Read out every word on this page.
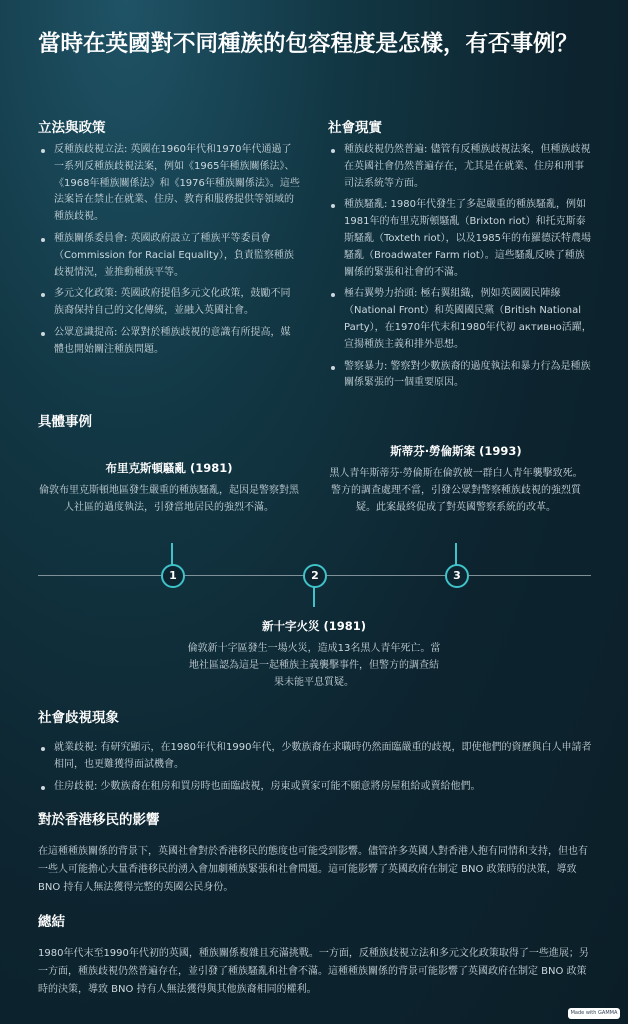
當時在英國對不同種族的包容程度是怎樣，有否事例？
立法與政策
反種族歧視立法: 英國在1960年代和1970年代通過了一系列反種族歧視法案，例如《1965年種族關係法》、《1968年種族關係法》和《1976年種族關係法》。這些法案旨在禁止在就業、住房、教育和服務提供等領域的種族歧視。
種族關係委員會: 英國政府設立了種族平等委員會（Commission for Racial Equality），負責監察種族歧視情況，並推動種族平等。
多元文化政策: 英國政府提倡多元文化政策，鼓勵不同族裔保持自己的文化傳統，並融入英國社會。
公眾意識提高: 公眾對於種族歧視的意識有所提高，媒體也開始關注種族問題。
社會現實
種族歧視仍然普遍: 儘管有反種族歧視法案，但種族歧視在英國社會仍然普遍存在，尤其是在就業、住房和刑事司法系統等方面。
種族騷亂: 1980年代發生了多起嚴重的種族騷亂，例如1981年的布里克斯頓騷亂（Brixton riot）和托克斯泰斯騷亂（Toxteth riot），以及1985年的布羅德沃特農場騷亂（Broadwater Farm riot）。這些騷亂反映了種族關係的緊張和社會的不滿。
極右翼勢力抬頭: 極右翼組織，例如英國國民陣線（National Front）和英國國民黨（British National Party），在1970年代末和1980年代初 активно活躍，宣揚種族主義和排外思想。
警察暴力: 警察對少數族裔的過度執法和暴力行為是種族關係緊張的一個重要原因。
具體事例
布里克斯頓騷亂 (1981)
倫敦布里克斯頓地區發生嚴重的種族騷亂，起因是警察對黑人社區的過度執法，引發當地居民的強烈不滿。
斯蒂芬·勞倫斯案 (1993)
黑人青年斯蒂芬·勞倫斯在倫敦被一群白人青年襲擊致死。警方的調查處理不當，引發公眾對警察種族歧視的強烈質疑。此案最終促成了對英國警察系統的改革。
1	2	3
新十字火災 (1981)
倫敦新十字區發生一場火災，造成13名黑人青年死亡。當地社區認為這是一起種族主義襲擊事件，但警方的調查結果未能平息質疑。
社會歧視現象
就業歧視: 有研究顯示，在1980年代和1990年代，少數族裔在求職時仍然面臨嚴重的歧視，即使他們的資歷與白人申請者相同，也更難獲得面試機會。
住房歧視: 少數族裔在租房和買房時也面臨歧視，房東或賣家可能不願意將房屋租給或賣給他們。
對於香港移民的影響

在這種種族關係的背景下，英國社會對於香港移民的態度也可能受到影響。儘管許多英國人對香港人抱有同情和支持，但也有一些人可能擔心大量香港移民的湧入會加劇種族緊張和社會問題。這可能影響了英國政府在制定 BNO 政策時的決策，導致 BNO 持有人無法獲得完整的英國公民身份。

總結

1980年代末至1990年代初的英國，種族關係複雜且充滿挑戰。一方面，反種族歧視立法和多元文化政策取得了一些進展；另一方面，種族歧視仍然普遍存在，並引發了種族騷亂和社會不滿。這種種族關係的背景可能影響了英國政府在制定 BNO 政策時的決策，導致 BNO 持有人無法獲得與其他族裔相同的權利。

Made with GAMMA
